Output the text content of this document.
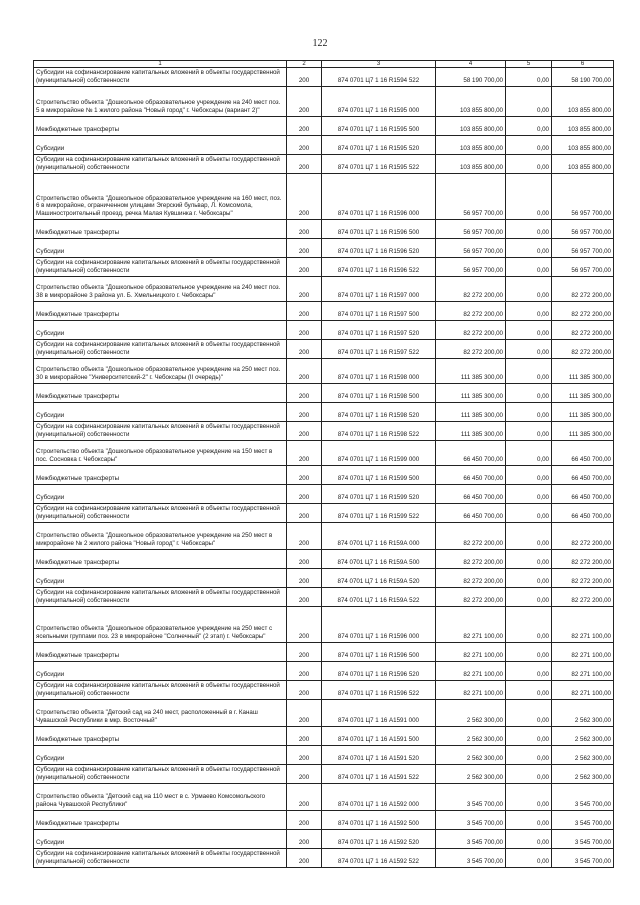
122
1	2	3	4	5	6
Субсидии на софинансирование капитальных вложений в объекты государственной (муниципальной) собственности	200	874 0701 Ц7 1 16 R1594 522	58 190 700,00	0,00	58 190 700,00
Строительство объекта "Дошкольное образовательное учреждение на 240 мест поз. 5 в микрорайоне № 1 жилого района "Новый город" г. Чебоксары (вариант 2)"	200	874 0701 Ц7 1 16 R1595 000	103 855 800,00	0,00	103 855 800,00
Межбюджетные трансферты	200	874 0701 Ц7 1 16 R1595 500	103 855 800,00	0,00	103 855 800,00
Субсидии	200	874 0701 Ц7 1 16 R1595 520	103 855 800,00	0,00	103 855 800,00
Субсидии на софинансирование капитальных вложений в объекты государственной (муниципальной) собственности	200	874 0701 Ц7 1 16 R1595 522	103 855 800,00	0,00	103 855 800,00
Строительство объекта "Дошкольное образовательное учреждение на 160 мест, поз. 6 в микрорайоне, ограниченном улицами Эгерский бульвар, Л. Комсомола, Машиностроительный проезд, речка Малая Кувшинка г. Чебоксары"	200	874 0701 Ц7 1 16 R1596 000	56 957 700,00	0,00	56 957 700,00
Межбюджетные трансферты	200	874 0701 Ц7 1 16 R1596 500	56 957 700,00	0,00	56 957 700,00
Субсидии	200	874 0701 Ц7 1 16 R1596 520	56 957 700,00	0,00	56 957 700,00
Субсидии на софинансирование капитальных вложений в объекты государственной (муниципальной) собственности	200	874 0701 Ц7 1 16 R1596 522	56 957 700,00	0,00	56 957 700,00
Строительство объекта "Дошкольное образовательное учреждение на 240 мест поз. 38 в микрорайоне 3 района ул. Б. Хмельницкого г. Чебоксары"	200	874 0701 Ц7 1 16 R1597 000	82 272 200,00	0,00	82 272 200,00
Межбюджетные трансферты	200	874 0701 Ц7 1 16 R1597 500	82 272 200,00	0,00	82 272 200,00
Субсидии	200	874 0701 Ц7 1 16 R1597 520	82 272 200,00	0,00	82 272 200,00
Субсидии на софинансирование капитальных вложений в объекты государственной (муниципальной) собственности	200	874 0701 Ц7 1 16 R1597 522	82 272 200,00	0,00	82 272 200,00
Строительство объекта "Дошкольное образовательное учреждение на 250 мест поз. 30 в микрорайоне "Университетский-2" г. Чебоксары (II очередь)"	200	874 0701 Ц7 1 16 R1598 000	111 385 300,00	0,00	111 385 300,00
Межбюджетные трансферты	200	874 0701 Ц7 1 16 R1598 500	111 385 300,00	0,00	111 385 300,00
Субсидии	200	874 0701 Ц7 1 16 R1598 520	111 385 300,00	0,00	111 385 300,00
Субсидии на софинансирование капитальных вложений в объекты государственной (муниципальной) собственности	200	874 0701 Ц7 1 16 R1598 522	111 385 300,00	0,00	111 385 300,00
Строительство объекта "Дошкольное образовательное учреждение на 150 мест в пос. Сосновка г. Чебоксары"	200	874 0701 Ц7 1 16 R1599 000	66 450 700,00	0,00	66 450 700,00
Межбюджетные трансферты	200	874 0701 Ц7 1 16 R1599 500	66 450 700,00	0,00	66 450 700,00
Субсидии	200	874 0701 Ц7 1 16 R1599 520	66 450 700,00	0,00	66 450 700,00
Субсидии на софинансирование капитальных вложений в объекты государственной (муниципальной) собственности	200	874 0701 Ц7 1 16 R1599 522	66 450 700,00	0,00	66 450 700,00
Строительство объекта "Дошкольное образовательное учреждение на 250 мест в микрорайоне № 2 жилого района "Новый город" г. Чебоксары"	200	874 0701 Ц7 1 16 R159А 000	82 272 200,00	0,00	82 272 200,00
Межбюджетные трансферты	200	874 0701 Ц7 1 16 R159А 500	82 272 200,00	0,00	82 272 200,00
Субсидии	200	874 0701 Ц7 1 16 R159А 520	82 272 200,00	0,00	82 272 200,00
Субсидии на софинансирование капитальных вложений в объекты государственной (муниципальной) собственности	200	874 0701 Ц7 1 16 R159А 522	82 272 200,00	0,00	82 272 200,00
Строительство объекта "Дошкольное образовательное учреждение на 250 мест с ясельными группами поз. 23 в микрорайоне "Солнечный" (2 этап) г. Чебоксары"	200	874 0701 Ц7 1 16 R1596 000	82 271 100,00	0,00	82 271 100,00
Межбюджетные трансферты	200	874 0701 Ц7 1 16 R1596 500	82 271 100,00	0,00	82 271 100,00
Субсидии	200	874 0701 Ц7 1 16 R1596 520	82 271 100,00	0,00	82 271 100,00
Субсидии на софинансирование капитальных вложений в объекты государственной (муниципальной) собственности	200	874 0701 Ц7 1 16 R1596 522	82 271 100,00	0,00	82 271 100,00
Строительство объекта "Детский сад на 240 мест, расположенный в г. Канаш Чувашской Республики в мкр. Восточный"	200	874 0701 Ц7 1 16 А1591 000	2 562 300,00	0,00	2 562 300,00
Межбюджетные трансферты	200	874 0701 Ц7 1 16 А1591 500	2 562 300,00	0,00	2 562 300,00
Субсидии	200	874 0701 Ц7 1 16 А1591 520	2 562 300,00	0,00	2 562 300,00
Субсидии на софинансирование капитальных вложений в объекты государственной (муниципальной) собственности	200	874 0701 Ц7 1 16 А1591 522	2 562 300,00	0,00	2 562 300,00
Строительство объекта "Детский сад на 110 мест в с. Урмаево Комсомольского района Чувашской Республики"	200	874 0701 Ц7 1 16 А1592 000	3 545 700,00	0,00	3 545 700,00
Межбюджетные трансферты	200	874 0701 Ц7 1 16 А1592 500	3 545 700,00	0,00	3 545 700,00
Субсидии	200	874 0701 Ц7 1 16 А1592 520	3 545 700,00	0,00	3 545 700,00
Субсидии на софинансирование капитальных вложений в объекты государственной (муниципальной) собственности	200	874 0701 Ц7 1 16 А1592 522	3 545 700,00	0,00	3 545 700,00
